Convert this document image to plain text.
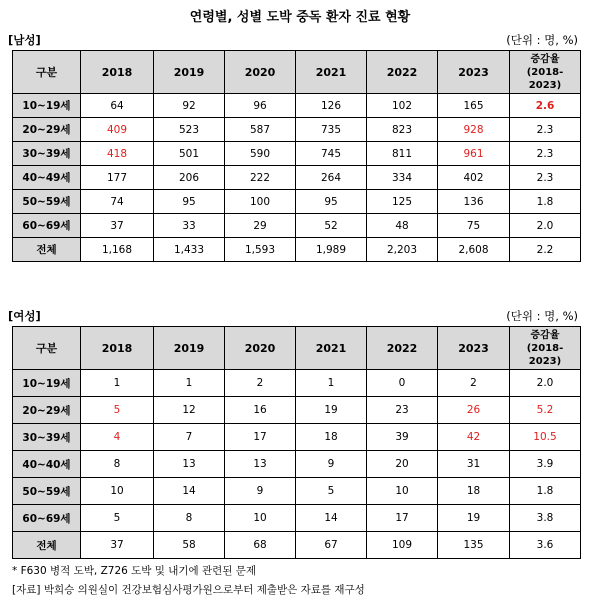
연령별, 성별 도박 중독 환자 진료 현황
[남성]	(단위 : 명, %)
구분	2018	2019	2020	2021	2022	2023	증감율
(2018-
2023)
10~19세	64	92	96	126	102	165	2.6
20~29세	409	523	587	735	823	928	2.3
30~39세	418	501	590	745	811	961	2.3
40~49세	177	206	222	264	334	402	2.3
50~59세	74	95	100	95	125	136	1.8
60~69세	37	33	29	52	48	75	2.0
전체	1,168	1,433	1,593	1,989	2,203	2,608	2.2
[여성]	(단위 : 명, %)
구분	2018	2019	2020	2021	2022	2023	증감율
(2018-
2023)
10~19세	1	1	2	1	0	2	2.0
20~29세	5	12	16	19	23	26	5.2
30~39세	4	7	17	18	39	42	10.5
40~40세	8	13	13	9	20	31	3.9
50~59세	10	14	9	5	10	18	1.8
60~69세	5	8	10	14	17	19	3.8
전체	37	58	68	67	109	135	3.6
* F630 병적 도박, Z726 도박 및 내기에 관련된 문제
[자료] 박희승 의원실이 건강보험심사평가원으로부터 제출받은 자료를 재구성
